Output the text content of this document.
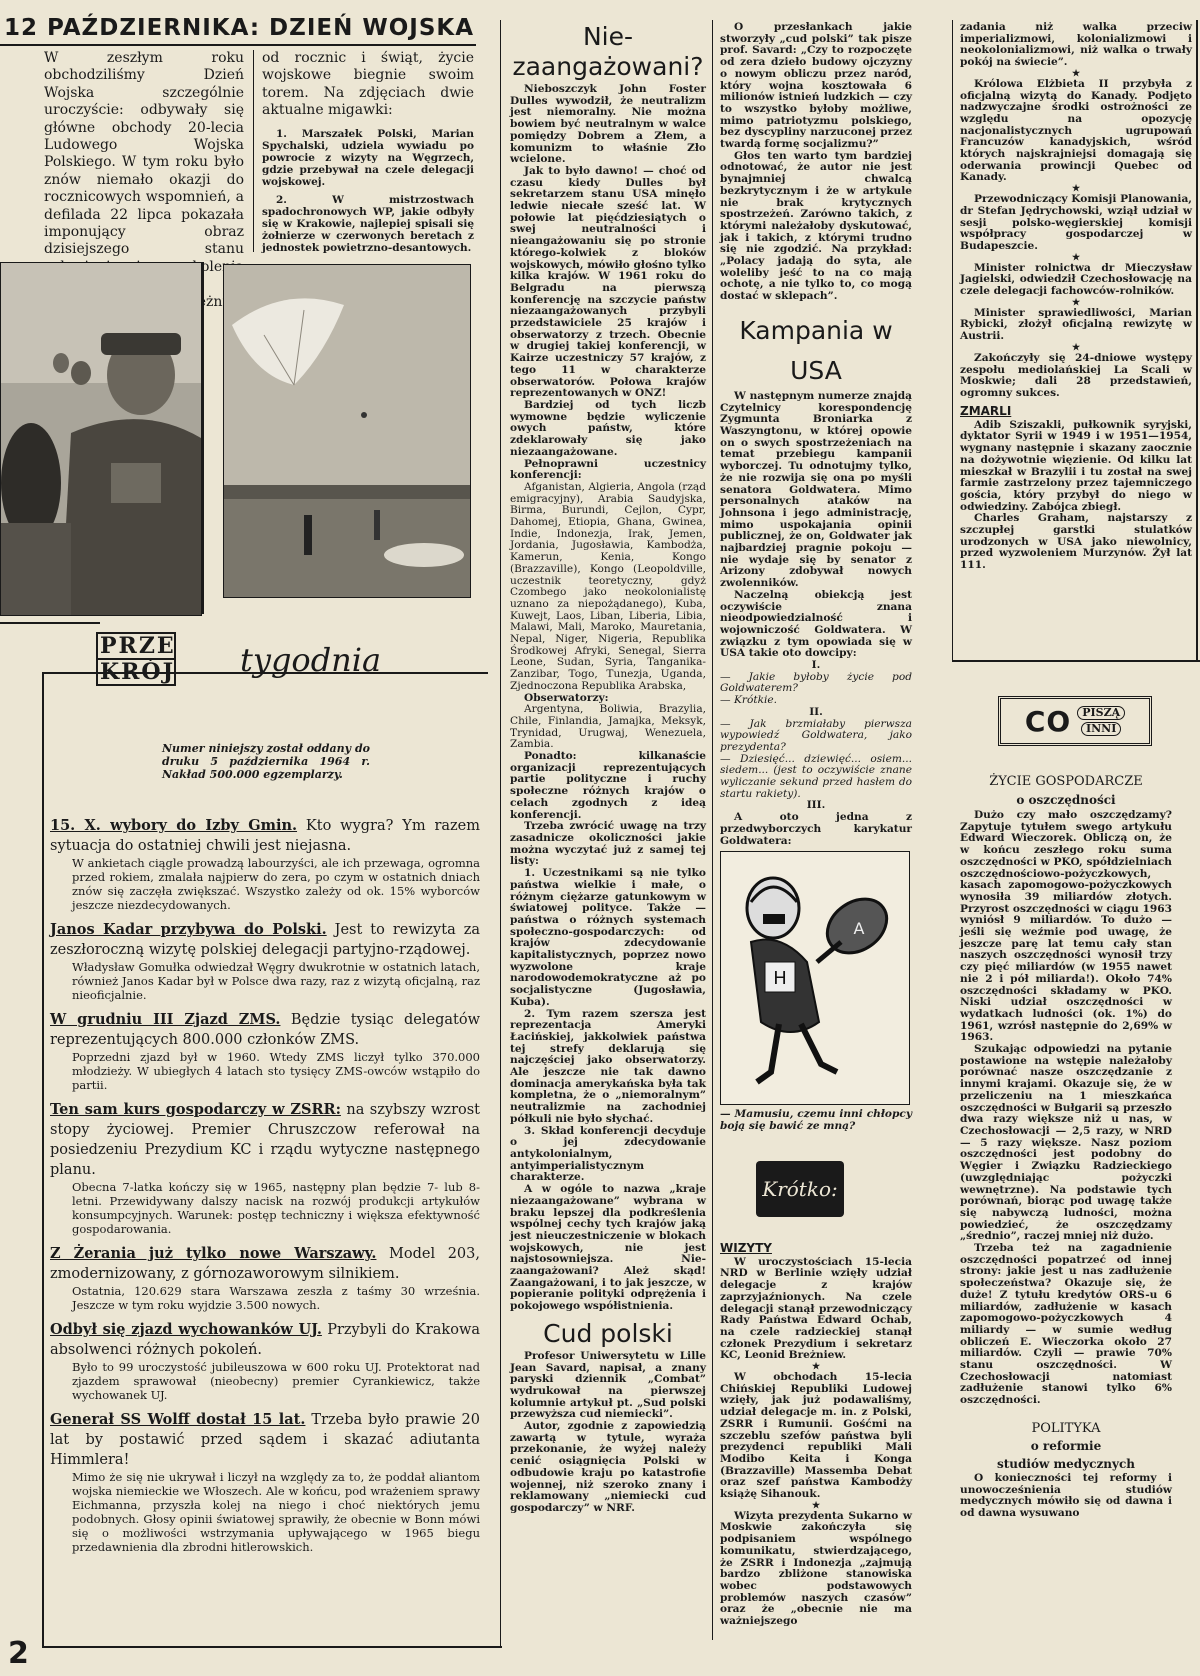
12 PAŹDZIERNIKA: DZIEŃ WOJSKA
W zeszłym roku obchodziliśmy Dzień Wojska szczególnie uroczyście: odbywały się główne obchody 20-lecia Ludowego Wojska Polskiego. W tym roku było znów niemało okazji do rocznicowych wspomnień, a defilada 22 lipca pokazała imponujący obraz dzisiejszego stanu
od rocznic i świąt, życie wojskowe biegnie swoim torem. Na zdjęciach dwie aktualne migawki:
1. Marszałek Polski, Marian Spychalski, udziela wywiadu po powrocie z wizyty na Węgrzech, gdzie przebywał na czele delegacji wojskowej.
2. W mistrzostwach spadochronowych WP, jakie odbyły się w Krakowie, najlepiej spisali się żołnierze w czerwonych beretach z jednostek powietrzno-desantowych.
PRZE
KRÓJ tygodnia
Numer niniejszy został oddany do druku 5 października 1964 r. Nakład 500.000 egzemplarzy.
15. X. wybory do Izby Gmin. Kto wygra? Ym razem sytuacja do ostatniej chwili jest niejasna.
W ankietach ciągle prowadzą labourzyści, ale ich przewaga, ogromna przed rokiem, zmalała najpierw do zera, po czym w ostatnich dniach znów się zaczęła zwiększać. Wszystko zależy od ok. 15% wyborców jeszcze niezdecydowanych.
Janos Kadar przybywa do Polski. Jest to rewizyta za zeszłoroczną wizytę polskiej delegacji partyjno-rządowej.
Władysław Gomułka odwiedzał Węgry dwukrotnie w ostatnich latach, również Janos Kadar był w Polsce dwa razy, raz z wizytą oficjalną, raz nieoficjalnie.
W grudniu III Zjazd ZMS. Będzie tysiąc delegatów reprezentujących 800.000 członków ZMS.
Poprzedni zjazd był w 1960. Wtedy ZMS liczył tylko 370.000 młodzieży. W ubiegłych 4 latach sto tysięcy ZMS-owców wstąpiło do partii.
Ten sam kurs gospodarczy w ZSRR: na szybszy wzrost stopy życiowej. Premier Chruszczow referował na posiedzeniu Prezydium KC i rządu wytyczne następnego planu.
Obecna 7-latka kończy się w 1965, następny plan będzie 7- lub 8-letni. Przewidywany dalszy nacisk na rozwój produkcji artykułów konsumpcyjnych. Warunek: postęp techniczny i większa efektywność gospodarowania.
Z Żerania już tylko nowe Warszawy. Model 203, zmodernizowany, z górnozaworowym silnikiem.
Ostatnia, 120.629 stara Warszawa zeszła z taśmy 30 września. Jeszcze w tym roku wyjdzie 3.500 nowych.
Odbył się zjazd wychowanków UJ. Przybyli do Krakowa absolwenci różnych pokoleń.
Było to 99 uroczystość jubileuszowa w 600 roku UJ. Protektorat nad zjazdem sprawował (nieobecny) premier Cyrankiewicz, także wychowanek UJ.
Generał SS Wolff dostał 15 lat. Trzeba było prawie 20 lat by postawić przed sądem i skazać adiutanta Himmlera!
Mimo że się nie ukrywał i liczył na względy za to, że poddał aliantom wojska niemieckie we Włoszech. Ale w końcu, pod wrażeniem sprawy Eichmanna, przyszła kolej na niego i choć niektórych jemu podobnych. Głosy opinii światowej sprawiły, że obecnie w Bonn mówi się o możliwości wstrzymania upływającego w 1965 biegu przedawnienia dla zbrodni hitlerowskich.
2
Nie-
zaangażowani?
Nieboszczyk John Foster Dulles wywodził, że neutralizm jest niemoralny. Nie można bowiem być neutralnym w walce pomiędzy Dobrem a Złem, a komunizm to właśnie Zło wcielone.
Jak to było dawno! — choć od czasu kiedy Dulles był sekretarzem stanu USA minęło ledwie niecałe sześć lat. W połowie lat pięćdziesiątych o swej neutralności i nieangażowaniu się po stronie którego-kolwiek z bloków wojskowych, mówiło głośno tylko kilka krajów. W 1961 roku do Belgradu na pierwszą konferencję na szczycie państw niezaangażowanych przybyli przedstawiciele 25 krajów i obserwatorzy z trzech. Obecnie w drugiej takiej konferencji, w Kairze uczestniczy 57 krajów, z tego 11 w charakterze obserwatorów. Połowa krajów reprezentowanych w ONZ!
Bardziej od tych liczb wymowne będzie wyliczenie owych państw, które zdeklarowały się jako niezaangażowane.
Pełnoprawni uczestnicy konferencji:
Afganistan, Algieria, Angola (rząd emigracyjny), Arabia Saudyjska, Birma, Burundi, Cejlon, Cypr, Dahomej, Etiopia, Ghana, Gwinea, Indie, Indonezja, Irak, Jemen, Jordania, Jugosławia, Kambodża, Kamerun, Kenia, Kongo (Brazzaville), Kongo (Leopoldville, uczestnik teoretyczny, gdyż Czombego jako neokolonialistę uznano za niepożądanego), Kuba, Kuwejt, Laos, Liban, Liberia, Libia, Malawi, Mali, Maroko, Mauretania, Nepal, Niger, Nigeria, Republika Środkowej Afryki, Senegal, Sierra Leone, Sudan, Syria, Tanganika-Zanzibar, Togo, Tunezja, Uganda, Zjednoczona Republika Arabska,
Obserwatorzy:
Argentyna, Boliwia, Brazylia, Chile, Finlandia, Jamajka, Meksyk, Trynidad, Urugwaj, Wenezuela, Zambia.
Ponadto: kilkanaście organizacji reprezentujących partie polityczne i ruchy społeczne różnych krajów o celach zgodnych z ideą konferencji.
Trzeba zwrócić uwagę na trzy zasadnicze okoliczności jakie można wyczytać już z samej tej listy:
1. Uczestnikami są nie tylko państwa wielkie i małe, o różnym ciężarze gatunkowym w światowej polityce. Także — państwa o różnych systemach społeczno-gospodarczych: od krajów zdecydowanie kapitalistycznych, poprzez nowo wyzwolone kraje narodowodemokratyczne aż po socjalistyczne (Jugosławia, Kuba).
2. Tym razem szersza jest reprezentacja Ameryki Łacińskiej, jakkolwiek państwa tej strefy deklarują się najczęściej jako obserwatorzy. Ale jeszcze nie tak dawno dominacja amerykańska była tak kompletna, że o „niemoralnym” neutralizmie na zachodniej półkuli nie było słychać.
3. Skład konferencji decyduje o jej zdecydowanie antykolonialnym, antyimperialistycznym charakterze.
A w ogóle to nazwa „kraje niezaangażowane” wybrana w braku lepszej dla podkreślenia wspólnej cechy tych krajów jaką jest nieuczestniczenie w blokach wojskowych, nie jest najstosowniejsza. Nie-zaangażowani? Ależ skąd! Zaangażowani, i to jak jeszcze, w popieranie polityki odprężenia i pokojowego współistnienia.
Cud polski
Profesor Uniwersytetu w Lille Jean Savard, napisał, a znany paryski dziennik „Combat” wydrukował na pierwszej kolumnie artykuł pt. „Sud polski przewyższa cud niemiecki”.
Autor, zgodnie z zapowiedzią zawartą w tytule, wyraża przekonanie, że wyżej należy cenić osiągnięcia Polski w odbudowie kraju po katastrofie wojennej, niż szeroko znany i reklamowany „niemiecki cud gospodarczy” w NRF.
O przesłankach jakie stworzyły „cud polski” tak pisze prof. Savard: „Czy to rozpoczęte od zera dzieło budowy ojczyzny o nowym obliczu przez naród, który wojna kosztowała 6 milionów istnień ludzkich — czy to wszystko byłoby możliwe, mimo patriotyzmu polskiego, bez dyscypliny narzuconej przez twardą formę socjalizmu?”
Głos ten warto tym bardziej odnotować, że autor nie jest bynajmniej chwalcą bezkrytycznym i że w artykule nie brak krytycznych spostrzeżeń. Zarówno takich, z którymi należałoby dyskutować, jak i takich, z którymi trudno się nie zgodzić. Na przykład: „Polacy jadają do syta, ale wolelibу jeść to na co mają ochotę, a nie tylko to, co mogą dostać w sklepach”.
Kampania w USA
W następnym numerze znajdą Czytelnicy korespondencję Zygmunta Broniarka z Waszyngtonu, w której opowie on o swych spostrzeżeniach na temat przebiegu kampanii wyborczej. Tu odnotujmy tylko, że nie rozwija się ona po myśli senatora Goldwatera. Mimo personalnych ataków na Johnsona i jego administrację, mimo uspokajania opinii publicznej, że on, Goldwater jak najbardziej pragnie pokoju — nie wydaje się by senator z Arizony zdobywał nowych zwolenników.
Naczelną obiekcją jest oczywiście znana nieodpowiedzialność i wojowniczość Goldwatera. W związku z tym opowiada się w USA takie oto dowcipy:
I.
— Jakie byłoby życie pod Goldwaterem?
— Krótkie.
II.
— Jak brzmiałaby pierwsza wypowiedź Goldwatera, jako prezydenta?
— Dziesięć... dziewięć... osiem... siedem... (jest to oczywiście znane wyliczanie sekund przed hasłem do startu rakiety).
III.
A oto jedna z przedwyborczych karykatur Goldwatera:
H
A
— Mamusiu, czemu inni chłopcy boją się bawić ze mną?
Krótko:
WIZYTY
W uroczystościach 15-lecia NRD w Berlinie wzięły udział delegacje z krajów zaprzyjaźnionych. Na czele delegacji stanął przewodniczący Rady Państwa Edward Ochab, na czele radzieckiej stanął członek Prezydium i sekretarz KC, Leonid Breżniew.
★
W obchodach 15-lecia Chińskiej Republiki Ludowej wzięły, jak już podawaliśmy, udział delegacje m. in. z Polski, ZSRR i Rumunii. Gośćmi na szczeblu szefów państwa byli prezydenci republiki Mali Modibo Keita i Konga (Brazzaville) Massemba Debat oraz szef państwa Kambodży książę Sihanouk.
★
Wizyta prezydenta Sukarno w Moskwie zakończyła się podpisaniem wspólnego komunikatu, stwierdzającego, że ZSRR i Indonezja „zajmują bardzo zbliżone stanowiska wobec podstawowych problemów naszych czasów” oraz że „obecnie nie ma ważniejszego
zadania niż walka przeciw imperializmowi, kolonializmowi i neokolonializmowi, niż walka o trwały pokój na świecie”.
★
Królowa Elżbieta II przybyła z oficjalną wizytą do Kanady. Podjęto nadzwyczajne środki ostrożności ze względu na opozycję nacjonalistycznych ugrupowań Francuzów kanadyjskich, wśród których najskrajniejsi domagają się oderwania prowincji Quebec od Kanady.
★
Przewodniczący Komisji Planowania, dr Stefan Jędrychowski, wziął udział w sesji polsko-węgierskiej komisji współpracy gospodarczej w Budapeszcie.
★
Minister rolnictwa dr Mieczysław Jagielski, odwiedził Czechosłowację na czele delegacji fachowców-rolników.
★
Minister sprawiedliwości, Marian Rybicki, złożył oficjalną rewizytę w Austrii.
★
Zakończyły się 24-dniowe występy zespołu mediolańskiej La Scali w Moskwie; dali 28 przedstawień, ogromny sukces.
ZMARLI
Adib Sziszakli, pułkownik syryjski, dyktator Syrii w 1949 i w 1951—1954, wygnany następnie i skazany zaocznie na dożywotnie więzienie. Od kilku lat mieszkał w Brazylii i tu został na swej farmie zastrzelony przez tajemniczego gościa, który przybył do niego w odwiedziny. Zabójca zbiegł.
Charles Graham, najstarszy z szczupłej garstki stulatków urodzonych w USA jako niewolnicy, przed wyzwoleniem Murzynów. Żył lat 111.
CO	PISZĄ
INNI
ŻYCIE GOSPODARCZE
o oszczędności
Dużo czy mało oszczędzamy? Zapytuje tytułem swego artykułu Edward Wieczorek. Obliczą on, że w końcu zeszłego roku suma oszczędności w PKO, spółdzielniach oszczędnościowo-pożyczkowych, kasach zapomogowo-pożyczkowych wynosiła 39 miliardów złotych. Przyrost oszczędności w ciągu 1963 wyniósł 9 miliardów. To dużo — jeśli się weźmie pod uwagę, że jeszcze parę lat temu cały stan naszych oszczędności wynosił trzy czy pięć miliardów (w 1955 nawet nie 2 i pół miliarda!). Około 74% oszczędności składamy w PKO. Niski udział oszczędności w wydatkach ludności (ok. 1%) do 1961, wzrósł następnie do 2,69% w 1963.
Szukając odpowiedzi na pytanie postawione na wstępie należałoby porównać nasze oszczędzanie z innymi krajami. Okazuje się, że w przeliczeniu na 1 mieszkańca oszczędności w Bułgarii są przeszło dwa razy większe niż u nas, w Czechosłowacji — 2,5 razy, w NRD — 5 razy większe. Nasz poziom oszczędności jest podobny do Węgier i Związku Radzieckiego (uwzględniając pożyczki wewnętrzne). Na podstawie tych porównań, biorąc pod uwagę także się nabywczą ludności, można powiedzieć, że oszczędzamy „średnio”, raczej mniej niż dużo.
Trzeba też na zagadnienie oszczędności popatrzeć od innej strony: jakie jest u nas zadłużenie społeczeństwa? Okazuje się, że duże! Z tytułu kredytów ORS-u 6 miliardów, zadłużenie w kasach zapomogowo-pożyczkowych 4 miliardy — w sumie według obliczeń E. Wieczorka około 27 miliardów. Czyli — prawie 70% stanu oszczędności. W Czechosłowacji natomiast zadłużenie stanowi tylko 6% oszczędności.
POLITYKA
o reformie
studiów medycznych
O konieczności tej reformy i unowocześnienia studiów medycznych mówiło się od dawna i od dawna wysuwano
